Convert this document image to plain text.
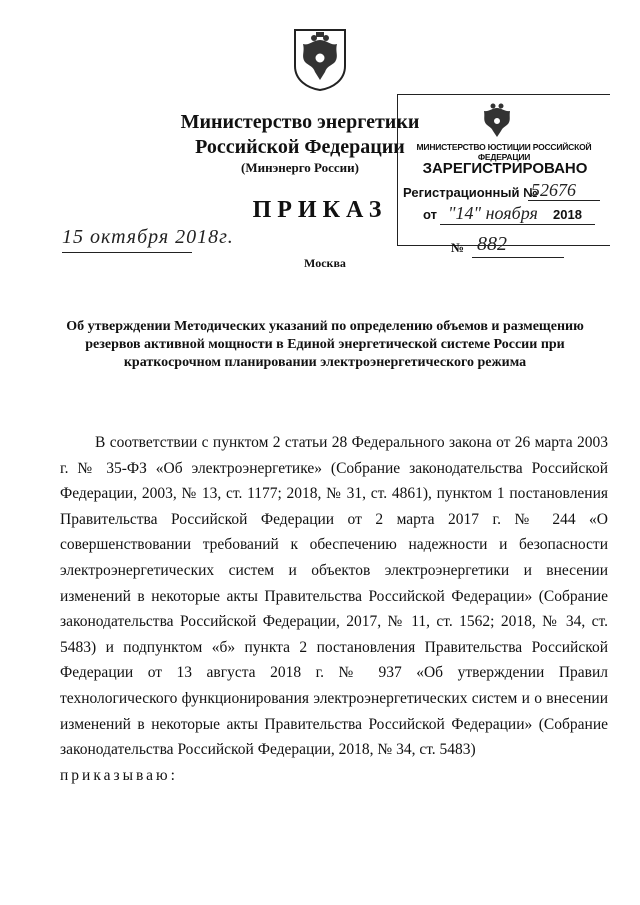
Министерство энергетики
Российской Федерации
(Минэнерго России)
ПРИКАЗ
15 октября 2018г.
Москва
МИНИСТЕРСТВО ЮСТИЦИИ РОССИЙСКОЙ ФЕДЕРАЦИИ
ЗАРЕГИСТРИРОВАНО
Регистрационный №
52676
от "14" ноября 2018
№ 882
Об утверждении Методических указаний по определению объемов и размещению резервов активной мощности в Единой энергетической системе России при краткосрочном планировании электроэнергетического режима

В соответствии с пунктом 2 статьи 28 Федерального закона от 26 марта 2003 г. № 35-ФЗ «Об электроэнергетике» (Собрание законодательства Российской Федерации, 2003, № 13, ст. 1177; 2018, № 31, ст. 4861), пунктом 1 постановления Правительства Российской Федерации от 2 марта 2017 г. № 244 «О совершенствовании требований к обеспечению надежности и безопасности электроэнергетических систем и объектов электроэнергетики и внесении изменений в некоторые акты Правительства Российской Федерации» (Собрание законодательства Российской Федерации, 2017, № 11, ст. 1562; 2018, № 34, ст. 5483) и подпунктом «б» пункта 2 постановления Правительства Российской Федерации от 13 августа 2018 г. № 937 «Об утверждении Правил технологического функционирования электроэнергетических систем и о внесении изменений в некоторые акты Правительства Российской Федерации» (Собрание законодательства Российской Федерации, 2018, № 34, ст. 5483)

приказываю:
